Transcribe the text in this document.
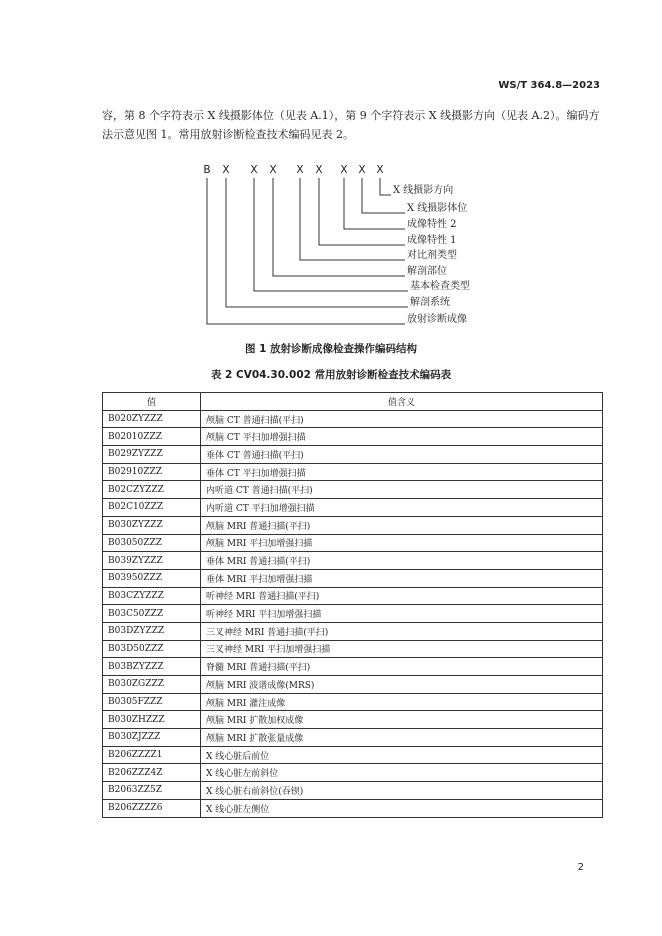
WS/T 364.8—2023

容，第 8 个字符表示 X 线摄影体位（见表 A.1），第 9 个字符表示 X 线摄影方向（见表 A.2）。编码方
法示意见图 1。常用放射诊断检查技术编码见表 2。

B X X X X X X X X
X 线摄影方向
X 线摄影体位
成像特性 2
成像特性 1
对比剂类型
解剖部位
基本检查类型
解剖系统
放射诊断成像
图 1 放射诊断成像检查操作编码结构
表 2 CV04.30.002 常用放射诊断检查技术编码表
值	值含义
B020ZYZZZ	颅脑 CT 普通扫描(平扫)
B02010ZZZ	颅脑 CT 平扫加增强扫描
B029ZYZZZ	垂体 CT 普通扫描(平扫)
B02910ZZZ	垂体 CT 平扫加增强扫描
B02CZYZZZ	内听道 CT 普通扫描(平扫)
B02C10ZZZ	内听道 CT 平扫加增强扫描
B030ZYZZZ	颅脑 MRI 普通扫描(平扫)
B03050ZZZ	颅脑 MRI 平扫加增强扫描
B039ZYZZZ	垂体 MRI 普通扫描(平扫)
B03950ZZZ	垂体 MRI 平扫加增强扫描
B03CZYZZZ	听神经 MRI 普通扫描(平扫)
B03C50ZZZ	听神经 MRI 平扫加增强扫描
B03DZYZZZ	三叉神经 MRI 普通扫描(平扫)
B03D50ZZZ	三叉神经 MRI 平扫加增强扫描
B03BZYZZZ	脊髓 MRI 普通扫描(平扫)
B030ZGZZZ	颅脑 MRI 波谱成像(MRS)
B0305FZZZ	颅脑 MRI 灌注成像
B030ZHZZZ	颅脑 MRI 扩散加权成像
B030ZJZZZ	颅脑 MRI 扩散张量成像
B206ZZZZ1	X 线心脏后前位
B206ZZZ4Z	X 线心脏左前斜位
B2063ZZ5Z	X 线心脏右前斜位(吞钡)
B206ZZZZ6	X 线心脏左侧位
2
